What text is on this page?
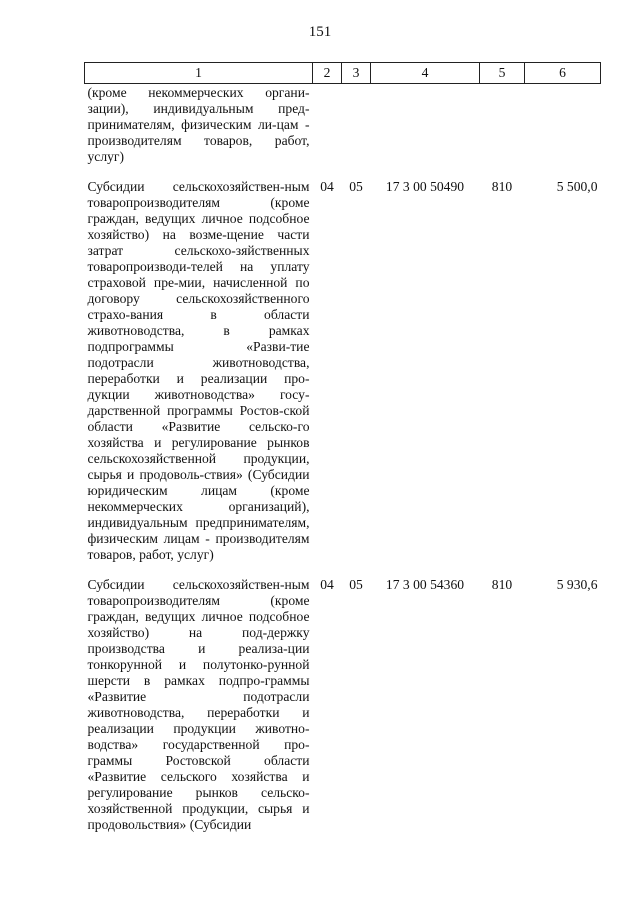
151
1	2	3	4	5	6
(кроме некоммерческих органи-зации), индивидуальным пред-принимателям, физическим ли-цам - производителям товаров, работ, услуг)					
Субсидии сельскохозяйствен-ным товаропроизводителям (кроме граждан, ведущих личное подсобное хозяйство) на возме-щение части затрат сельскохо-зяйственных товаропроизводи-телей на уплату страховой пре-мии, начисленной по договору сельскохозяйственного страхо-вания в области животноводства, в рамках подпрограммы «Разви-тие подотрасли животноводства, переработки и реализации про-дукции животноводства» госу-дарственной программы Ростов-ской области «Развитие сельско-го хозяйства и регулирование рынков сельскохозяйственной продукции, сырья и продоволь-ствия» (Субсидии юридическим лицам (кроме некоммерческих организаций), индивидуальным предпринимателям, физическим лицам - производителям товаров, работ, услуг)	04	05	17 3 00 50490	810	5 500,0
Субсидии сельскохозяйствен-ным товаропроизводителям (кроме граждан, ведущих личное подсобное хозяйство) на под-держку производства и реализа-ции тонкорунной и полутонко-рунной шерсти в рамках подпро-граммы «Развитие подотрасли животноводства, переработки и реализации продукции животно-водства» государственной про-граммы Ростовской области «Развитие сельского хозяйства и регулирование рынков сельско-хозяйственной продукции, сырья и продовольствия» (Субсидии	04	05	17 3 00 54360	810	5 930,6
